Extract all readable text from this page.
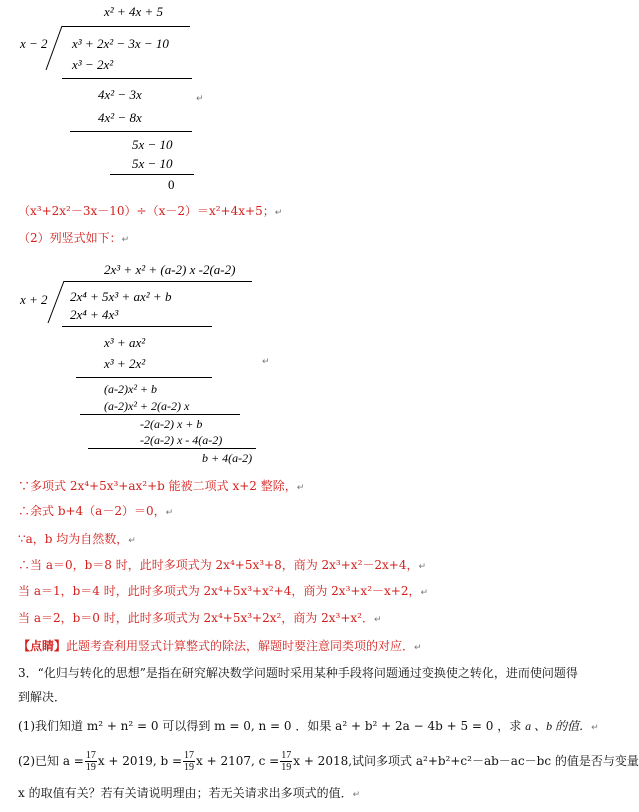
x² + 4x + 5
x − 2 x³ + 2x² − 3x − 10
x³ − 2x²
4x² − 3x
4x² − 8x
↵
5x − 10
5x − 10
0
（x³+2x²－3x－10）÷（x－2）＝x²+4x+5；↵
（2）列竖式如下：↵
2x³ + x² + (a-2) x -2(a-2)
x + 2 2x⁴ + 5x³ + ax² + b
2x⁴ + 4x³
x³ + ax²
x³ + 2x²	↵
(a-2)x² + b
(a-2)x² + 2(a-2) x
-2(a-2) x + b
-2(a-2) x - 4(a-2)
b + 4(a-2)
∵多项式 2x⁴+5x³+ax²+b 能被二项式 x+2 整除，↵
∴余式 b+4（a－2）＝0，↵
∵a，b 均为自然数，↵
∴当 a＝0，b＝8 时，此时多项式为 2x⁴+5x³+8，商为 2x³+x²－2x+4，↵
当 a＝1，b＝4 时，此时多项式为 2x⁴+5x³+x²+4，商为 2x³+x²－x+2，↵
当 a＝2，b＝0 时，此时多项式为 2x⁴+5x³+2x²，商为 2x³+x²．↵
【点睛】此题考查利用竖式计算整式的除法，解题时要注意同类项的对应．↵
3．“化归与转化的思想”是指在研究解决数学问题时采用某种手段将问题通过变换使之转化，进而使问题得
到解决．
(1)我们知道 m² + n² = 0 可以得到 m = 0, n = 0 ．如果 a² + b² + 2a − 4b + 5 = 0 ，求 a 、b 的值．↵
(2)已知 $a = \frac{17}{19}$ x + 2019, $b = \frac{17}{19}$ x + 2107, $c = \frac{17}{19}$ x + 2018,试问多项式 a²+b²+c²－ab－ac－bc 的值是否与变量
x 的取值有关？若有关请说明理由；若无关请求出多项式的值．↵
